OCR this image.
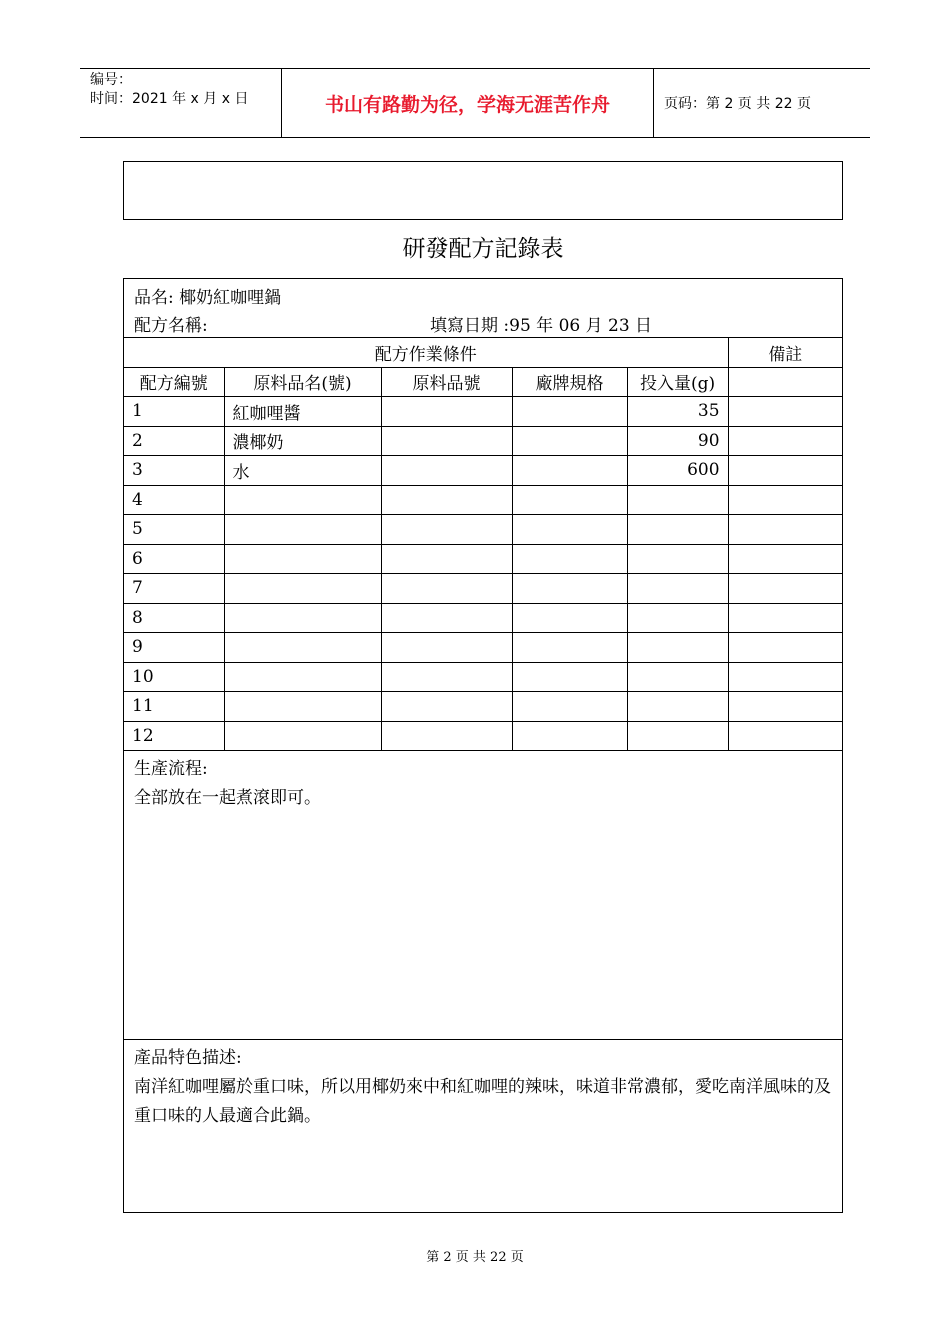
编号：
时间：2021 年 x 月 x 日	书山有路勤为径，学海无涯苦作舟	页码：第 2 页 共 22 页
研發配方記錄表
品名: 椰奶紅咖哩鍋
配方名稱:	填寫日期 :95 年 06 月 23 日
配方作業條件					備註
配方編號	原料品名(號)	原料品號	廠牌規格	投入量(g)	
1	紅咖哩醬			35	
2	濃椰奶			90	
3	水			600	
4					
5					
6					
7					
8					
9					
10					
11					
12					
生產流程:
全部放在一起煮滾即可。
產品特色描述:
南洋紅咖哩屬於重口味，所以用椰奶來中和紅咖哩的辣味，味道非常濃郁，愛吃南洋風味的及重口味的人最適合此鍋。
第 2 页 共 22 页
